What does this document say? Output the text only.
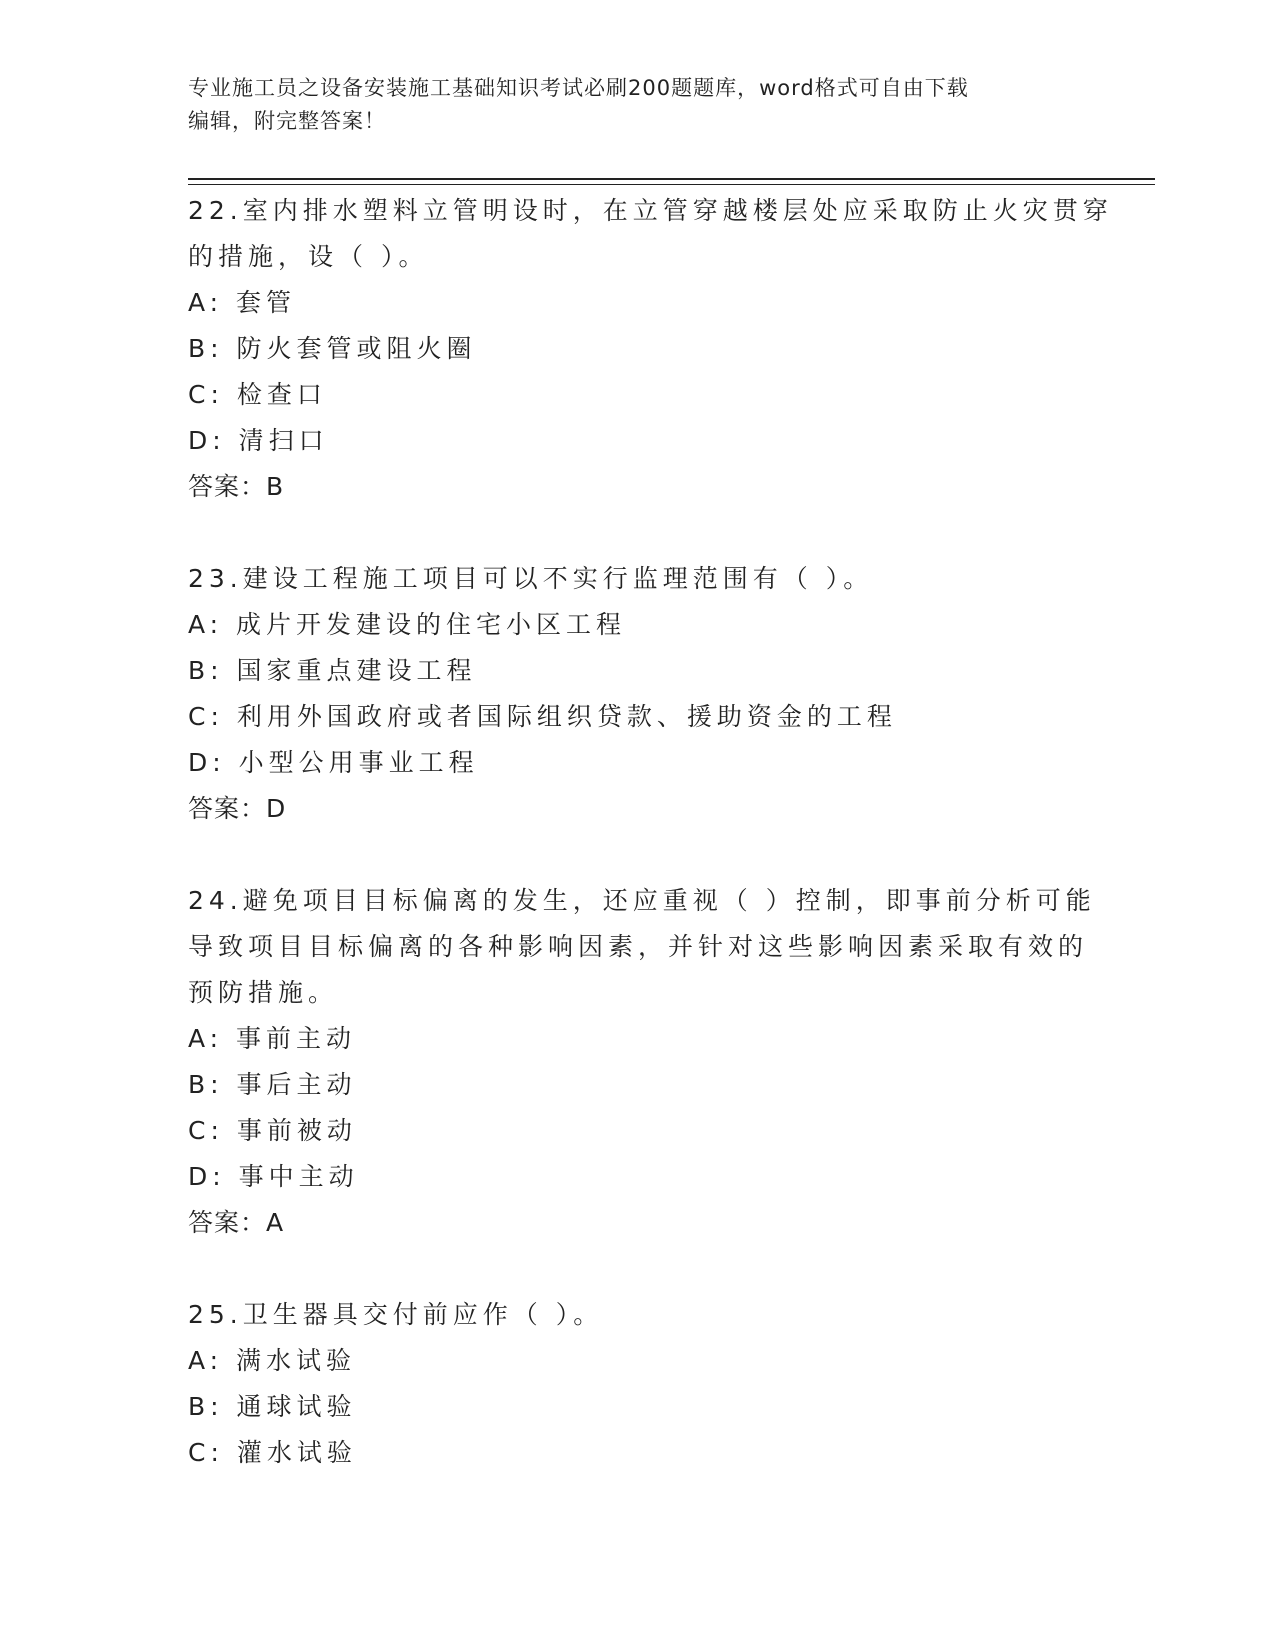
专业施工员之设备安装施工基础知识考试必刷200题题库，word格式可自由下载
编辑，附完整答案！
22.室内排水塑料立管明设时，在立管穿越楼层处应采取防止火灾贯穿
的措施，设（ ）。
A: 套管
B: 防火套管或阻火圈
C: 检查口
D: 清扫口
答案：B
23.建设工程施工项目可以不实行监理范围有（ ）。
A: 成片开发建设的住宅小区工程
B: 国家重点建设工程
C: 利用外国政府或者国际组织贷款、援助资金的工程
D: 小型公用事业工程
答案：D
24.避免项目目标偏离的发生，还应重视（ ）控制，即事前分析可能
导致项目目标偏离的各种影响因素，并针对这些影响因素采取有效的
预防措施。
A: 事前主动
B: 事后主动
C: 事前被动
D: 事中主动
答案：A
25.卫生器具交付前应作（ ）。
A: 满水试验
B: 通球试验
C: 灌水试验
